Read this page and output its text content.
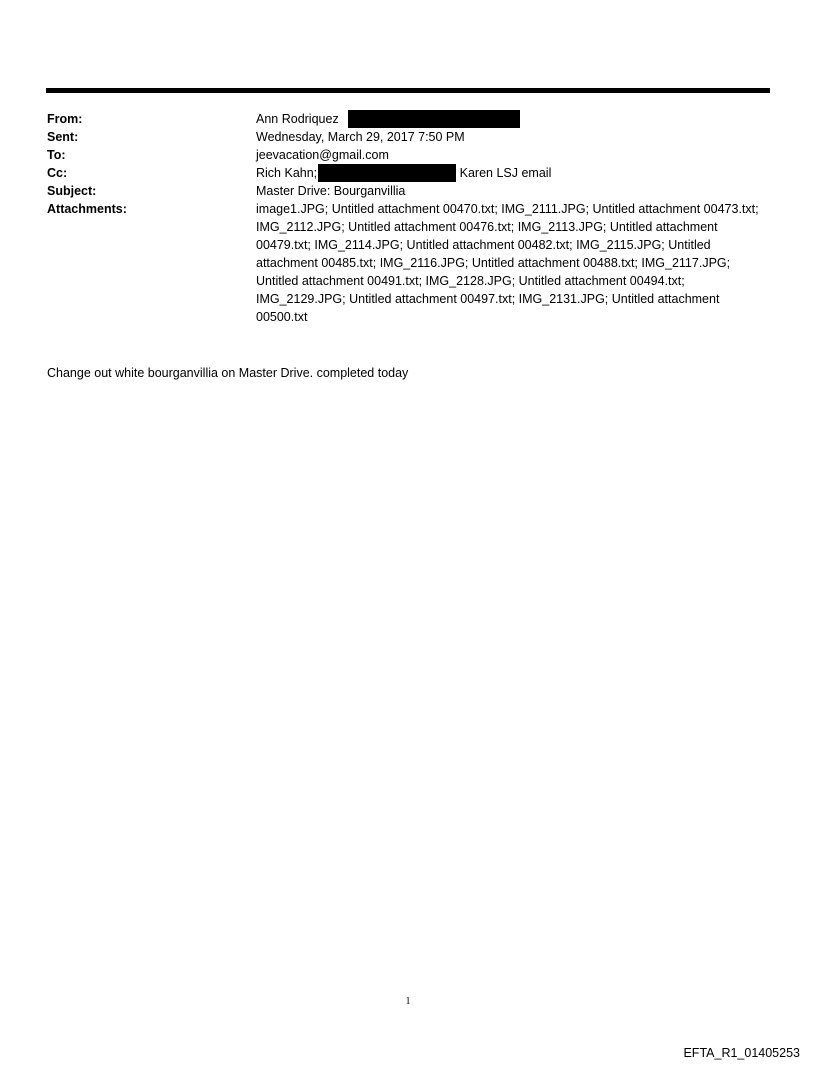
From:	Ann Rodriquez
Sent:	Wednesday, March 29, 2017 7:50 PM
To:	jeevacation@gmail.com
Cc:	Rich Kahn;	Karen LSJ email
Subject:	Master Drive: Bourganvillia
Attachments:	image1.JPG; Untitled attachment 00470.txt; IMG_2111.JPG; Untitled attachment 00473.txt; IMG_2112.JPG; Untitled attachment 00476.txt; IMG_2113.JPG; Untitled attachment 00479.txt; IMG_2114.JPG; Untitled attachment 00482.txt; IMG_2115.JPG; Untitled attachment 00485.txt; IMG_2116.JPG; Untitled attachment 00488.txt; IMG_2117.JPG; Untitled attachment 00491.txt; IMG_2128.JPG; Untitled attachment 00494.txt; IMG_2129.JPG; Untitled attachment 00497.txt; IMG_2131.JPG; Untitled attachment 00500.txt
Change out white bourganvillia on Master Drive. completed today
1
EFTA_R1_01405253
